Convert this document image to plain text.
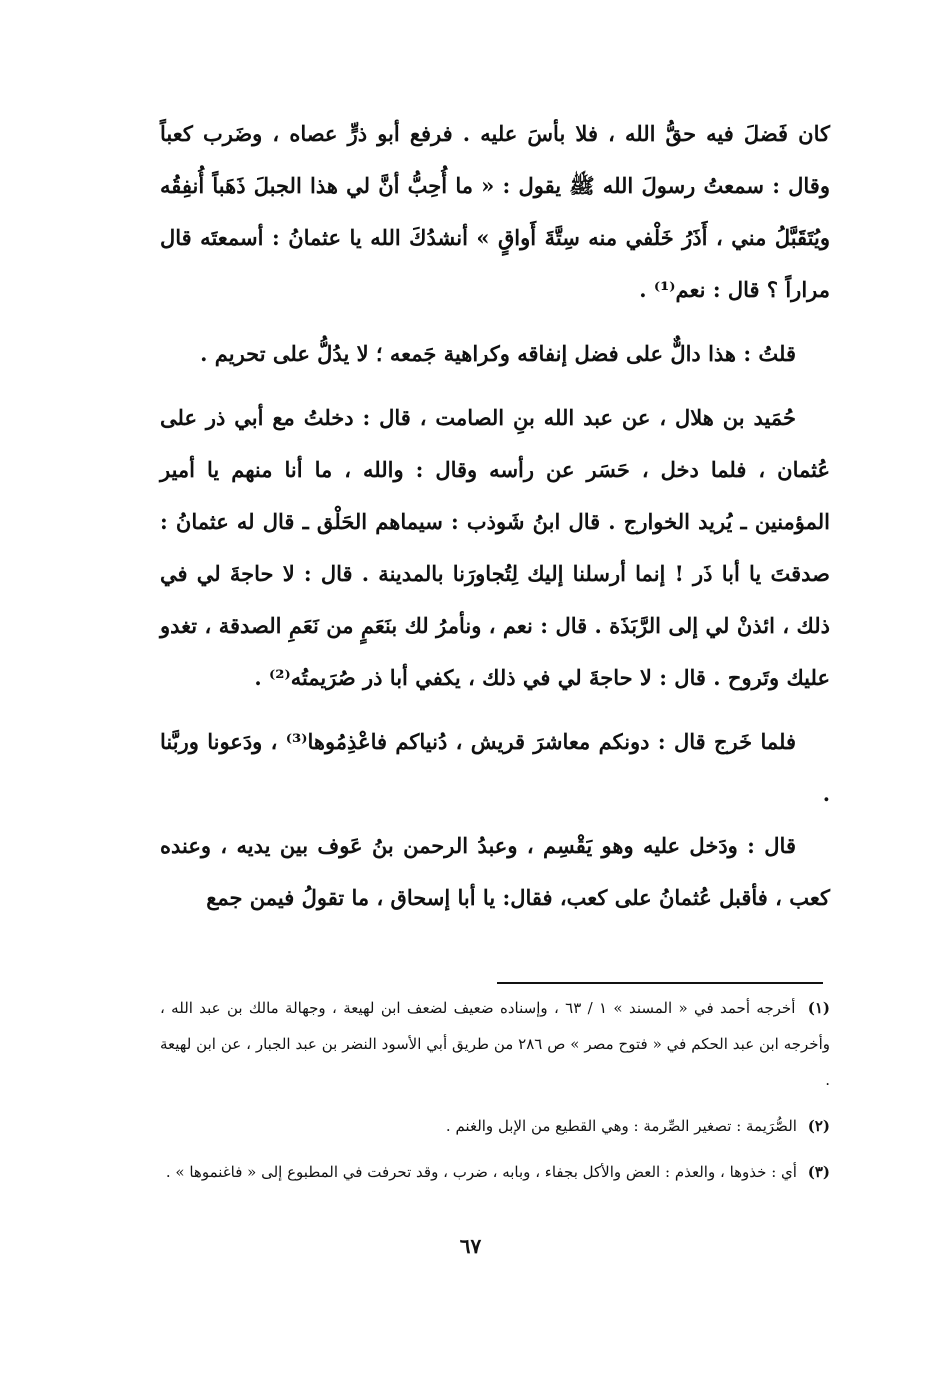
كان فَضلَ فيه حقُّ الله ، فلا بأسَ عليه . فرفع أبو ذرٍّ عصاه ، وضَرب كعباً وقال : سمعتُ رسولَ الله ﷺ يقول : « ما أُحِبُّ أنَّ لي هذا الجبلَ ذَهَباً أُنفِقُه ويُتَقَبَّلُ مني ، أَذَرُ خَلْفي منه سِتَّةَ أَواقٍ » أنشدُكَ الله يا عثمانُ : أسمعتَه قال مراراً ؟ قال : نعم⁽¹⁾ .

قلتُ : هذا دالٌّ على فضل إنفاقه وكراهية جَمعه ؛ لا يدُلُّ على تحريم .

حُمَيد بن هلال ، عن عبد الله بنِ الصامت ، قال : دخلتُ مع أبي ذر على عُثمان ، فلما دخل ، حَسَر عن رأسه وقال : والله ، ما أنا منهم يا أمير المؤمنين ـ يُريد الخوارج . قال ابنُ شَوذب : سيماهم الحَلْق ـ قال له عثمانُ : صدقتَ يا أبا ذَر ! إنما أرسلنا إليك لِتُجاورَنا بالمدينة . قال : لا حاجةَ لي في ذلك ، ائذنْ لي إلى الرَّبَذَة . قال : نعم ، ونأمرُ لك بنَعَمٍ من نَعَمِ الصدقة ، تغدو عليك وتَروح . قال : لا حاجةَ لي في ذلك ، يكفي أبا ذر صُرَيمتُه⁽²⁾ .

فلما خَرج قال : دونكم معاشرَ قريش ، دُنياكم فاعْذِمُوها⁽³⁾ ، ودَعونا وربَّنا .

قال : ودَخل عليه وهو يَقْسِم ، وعبدُ الرحمن بنُ عَوف بين يديه ، وعنده كعب ، فأقبل عُثمانُ على كعب، فقال: يا أبا إسحاق ، ما تقولُ فيمن جمع

(١) أخرجه أحمد في « المسند » ١ / ٦٣ ، وإسناده ضعيف لضعف ابن لهيعة ، وجهالة مالك بن عبد الله ، وأخرجه ابن عبد الحكم في « فتوح مصر » ص ٢٨٦ من طريق أبي الأسود النضر بن عبد الجبار ، عن ابن لهيعة .

(٢) الصُّرَيمة : تصغير الصِّرمة : وهي القطيع من الإبل والغنم .

(٣) أي : خذوها ، والعذم : العض والأكل بجفاء ، وبابه ، ضرب ، وقد تحرفت في المطبوع إلى « فاغنموها » .

٦٧
